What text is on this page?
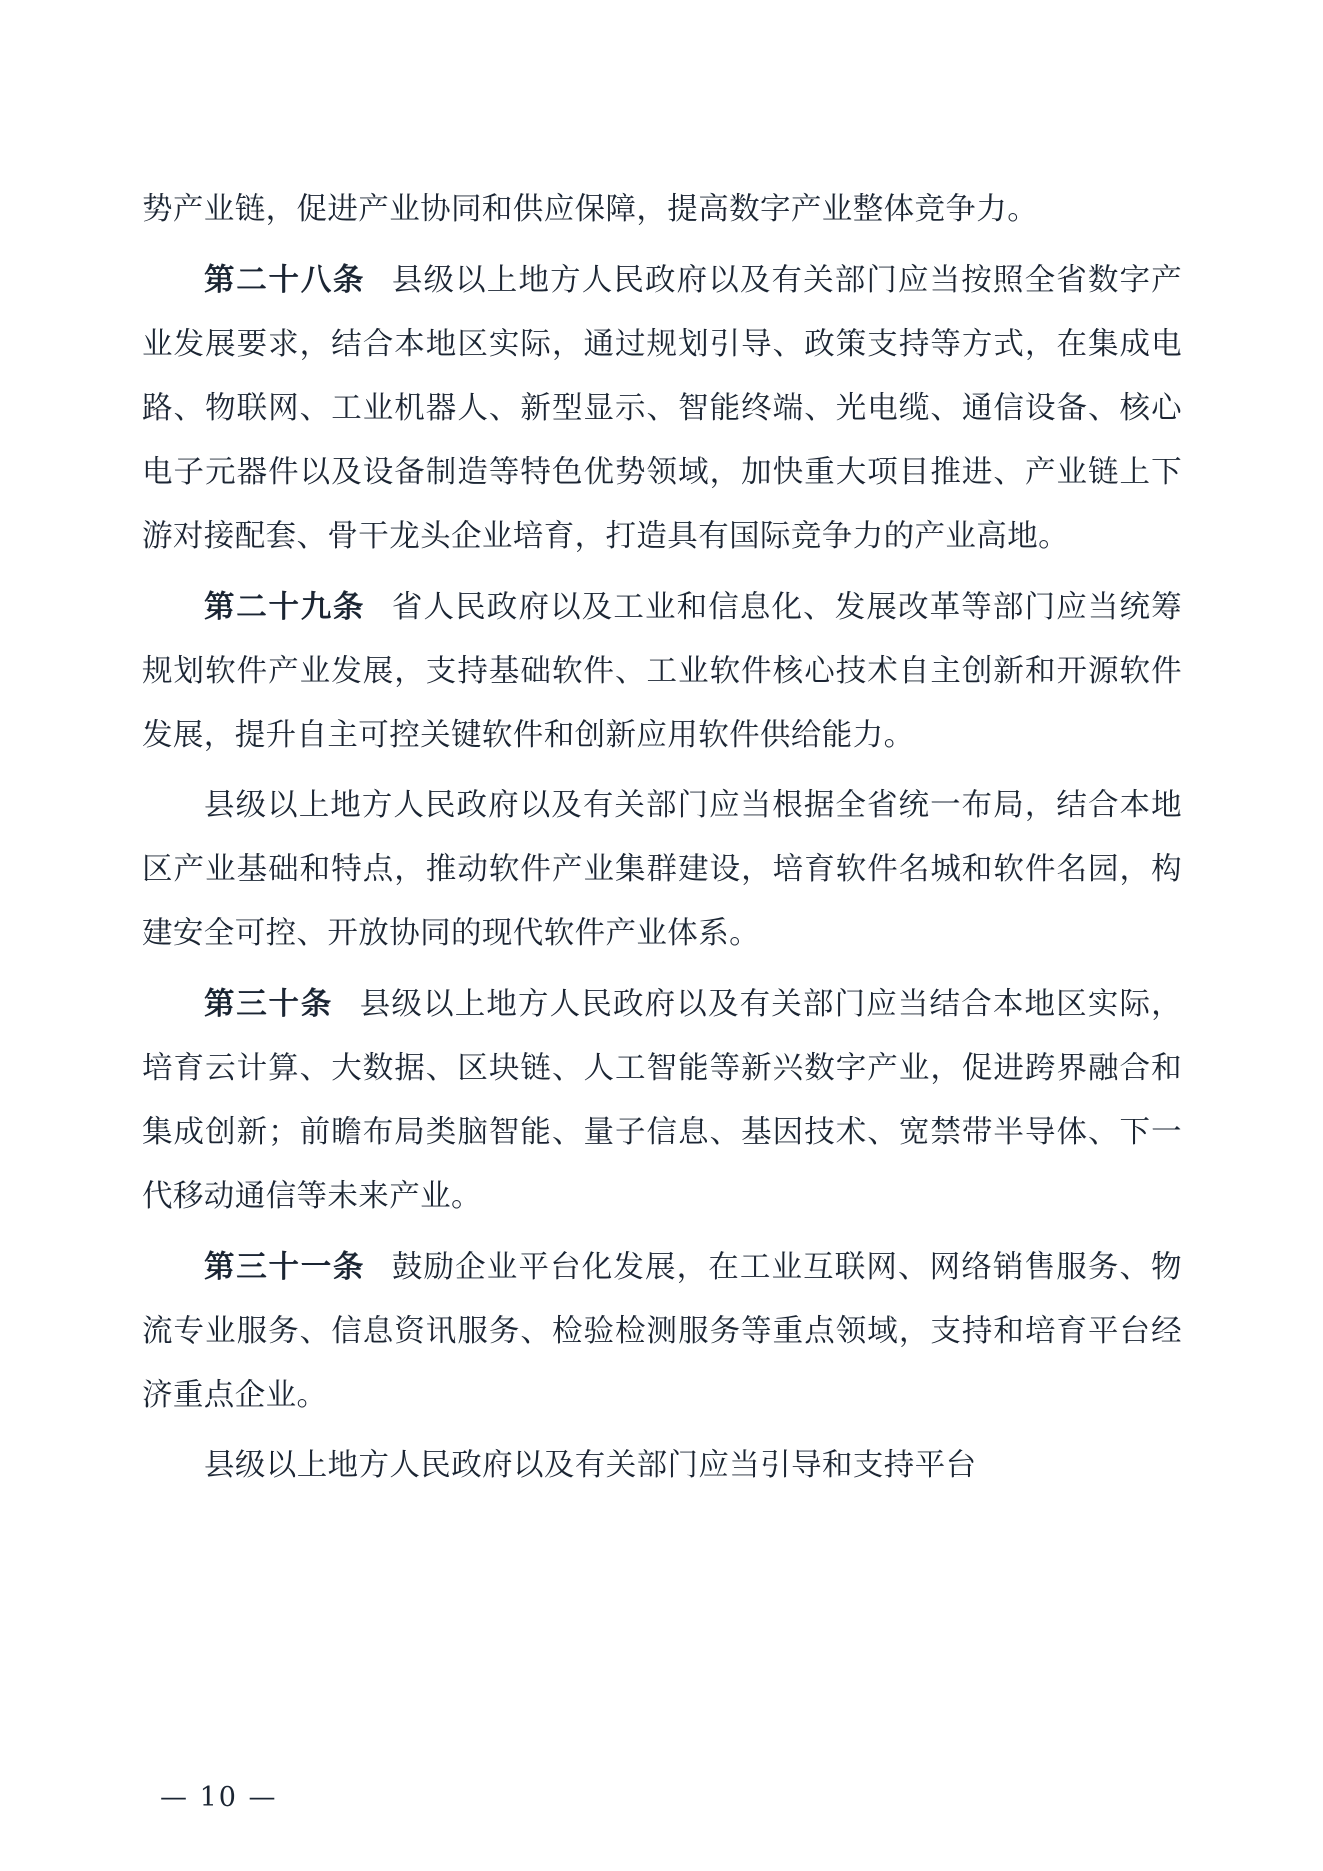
势产业链，促进产业协同和供应保障，提高数字产业整体竞争力。

第二十八条 县级以上地方人民政府以及有关部门应当按照全省数字产业发展要求，结合本地区实际，通过规划引导、政策支持等方式，在集成电路、物联网、工业机器人、新型显示、智能终端、光电缆、通信设备、核心电子元器件以及设备制造等特色优势领域，加快重大项目推进、产业链上下游对接配套、骨干龙头企业培育，打造具有国际竞争力的产业高地。

第二十九条 省人民政府以及工业和信息化、发展改革等部门应当统筹规划软件产业发展，支持基础软件、工业软件核心技术自主创新和开源软件发展，提升自主可控关键软件和创新应用软件供给能力。

县级以上地方人民政府以及有关部门应当根据全省统一布局，结合本地区产业基础和特点，推动软件产业集群建设，培育软件名城和软件名园，构建安全可控、开放协同的现代软件产业体系。

第三十条 县级以上地方人民政府以及有关部门应当结合本地区实际，培育云计算、大数据、区块链、人工智能等新兴数字产业，促进跨界融合和集成创新；前瞻布局类脑智能、量子信息、基因技术、宽禁带半导体、下一代移动通信等未来产业。

第三十一条 鼓励企业平台化发展，在工业互联网、网络销售服务、物流专业服务、信息资讯服务、检验检测服务等重点领域，支持和培育平台经济重点企业。

县级以上地方人民政府以及有关部门应当引导和支持平台

— 10 —
